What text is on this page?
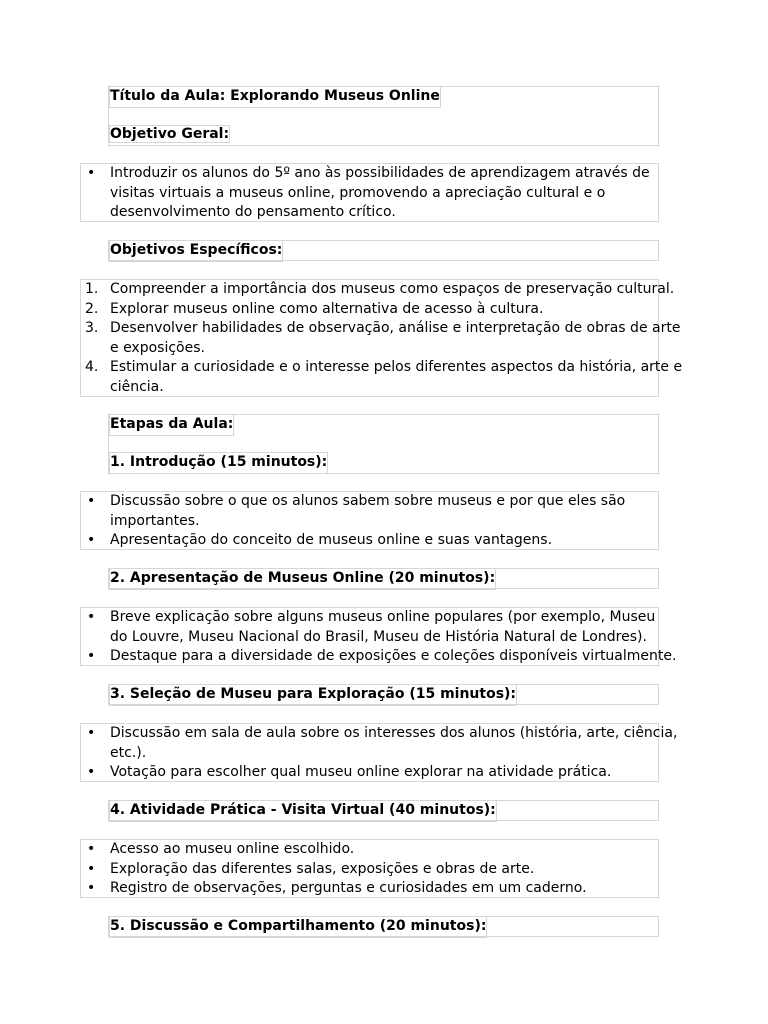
Título da Aula: Explorando Museus Online
Objetivo Geral:
•	Introduzir os alunos do 5º ano às possibilidades de aprendizagem através de
visitas virtuais a museus online, promovendo a apreciação cultural e o
desenvolvimento do pensamento crítico.
Objetivos Específicos:
1. Compreender a importância dos museus como espaços de preservação cultural.
2. Explorar museus online como alternativa de acesso à cultura.
3. Desenvolver habilidades de observação, análise e interpretação de obras de arte
e exposições.
4. Estimular a curiosidade e o interesse pelos diferentes aspectos da história, arte e
ciência.
Etapas da Aula:
1. Introdução (15 minutos):
•	Discussão sobre o que os alunos sabem sobre museus e por que eles são
importantes.
•	Apresentação do conceito de museus online e suas vantagens.
2. Apresentação de Museus Online (20 minutos):
•	Breve explicação sobre alguns museus online populares (por exemplo, Museu
do Louvre, Museu Nacional do Brasil, Museu de História Natural de Londres).
•	Destaque para a diversidade de exposições e coleções disponíveis virtualmente.
3. Seleção de Museu para Exploração (15 minutos):
•	Discussão em sala de aula sobre os interesses dos alunos (história, arte, ciência,
etc.).
•	Votação para escolher qual museu online explorar na atividade prática.
4. Atividade Prática - Visita Virtual (40 minutos):
•	Acesso ao museu online escolhido.
•	Exploração das diferentes salas, exposições e obras de arte.
•	Registro de observações, perguntas e curiosidades em um caderno.
5. Discussão e Compartilhamento (20 minutos):
